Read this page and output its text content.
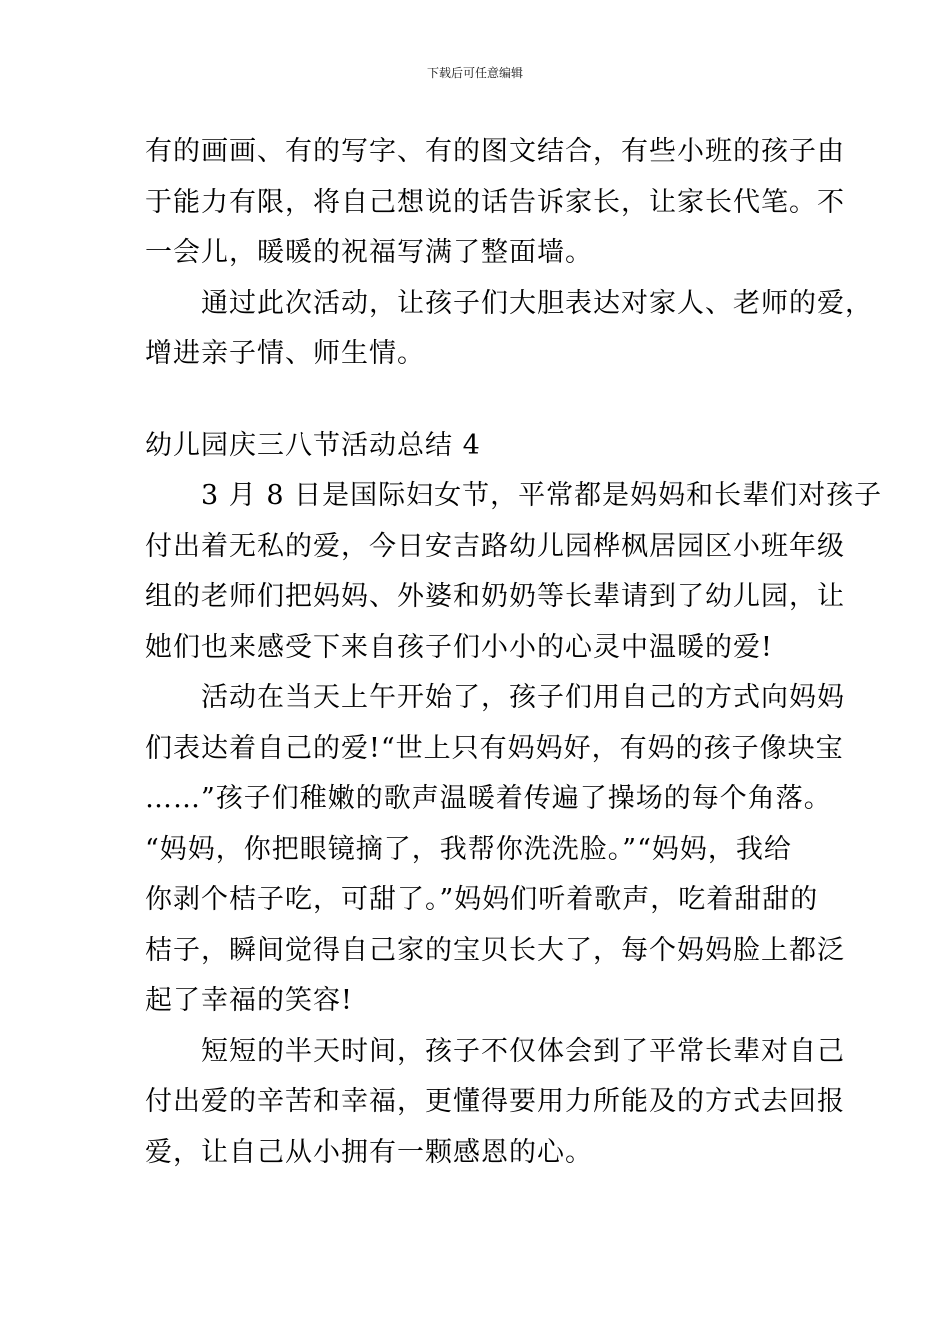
下载后可任意编辑
有的画画、有的写字、有的图文结合，有些小班的孩子由
于能力有限，将自己想说的话告诉家长，让家长代笔。不
一会儿，暖暖的祝福写满了整面墙。
通过此次活动，让孩子们大胆表达对家人、老师的爱，
增进亲子情、师生情。
幼儿园庆三八节活动总结 4
3 月 8 日是国际妇女节，平常都是妈妈和长辈们对孩子
付出着无私的爱，今日安吉路幼儿园桦枫居园区小班年级
组的老师们把妈妈、外婆和奶奶等长辈请到了幼儿园，让
她们也来感受下来自孩子们小小的心灵中温暖的爱!
活动在当天上午开始了，孩子们用自己的方式向妈妈
们表达着自己的爱!“世上只有妈妈好，有妈的孩子像块宝
……”孩子们稚嫩的歌声温暖着传遍了操场的每个角落。
“妈妈，你把眼镜摘了，我帮你洗洗脸。”“妈妈，我给
你剥个桔子吃，可甜了。”妈妈们听着歌声，吃着甜甜的
桔子，瞬间觉得自己家的宝贝长大了，每个妈妈脸上都泛
起了幸福的笑容!
短短的半天时间，孩子不仅体会到了平常长辈对自己
付出爱的辛苦和幸福，更懂得要用力所能及的方式去回报
爱，让自己从小拥有一颗感恩的心。
